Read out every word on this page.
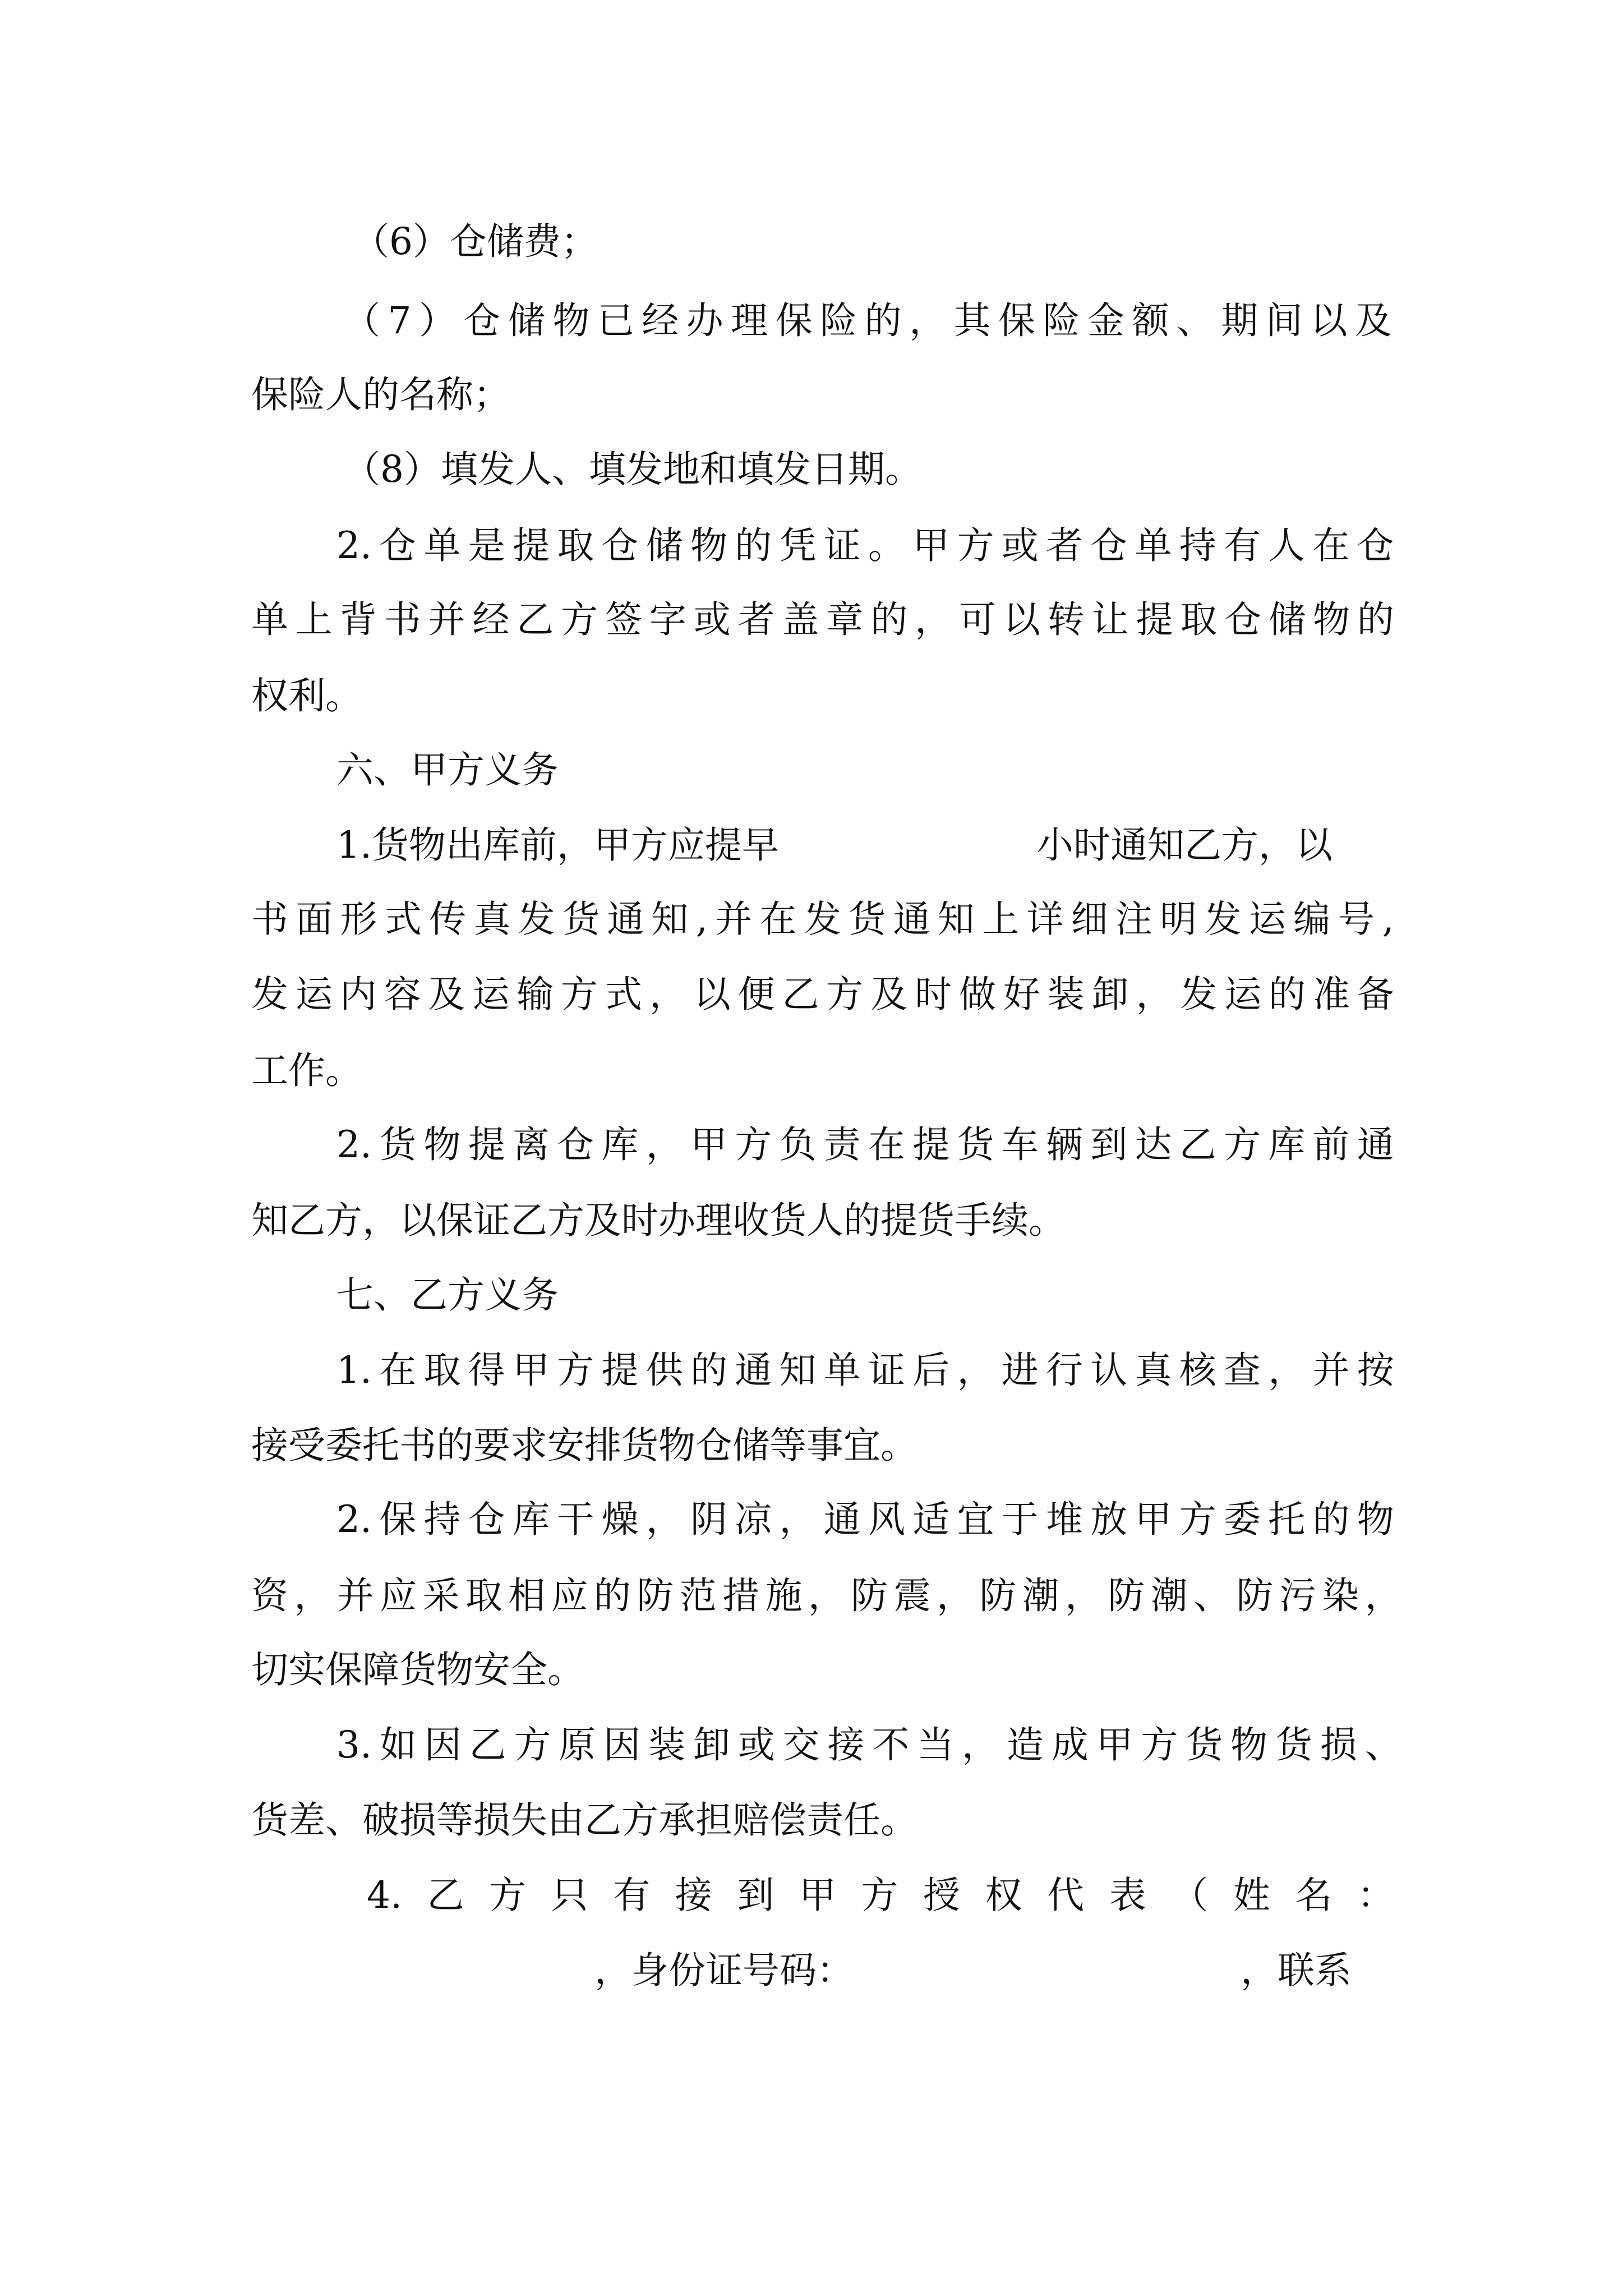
（6）仓储费；
（ 7 ） 仓 储 物 已 经 办 理 保 险 的 ， 其 保 险 金 额 、 期 间 以 及
保险人的名称；
（8）填发人、填发地和填发日期。
2. 仓 单 是 提 取 仓 储 物 的 凭 证 。 甲 方 或 者 仓 单 持 有 人 在 仓
单 上 背 书 并 经 乙 方 签 字 或 者 盖 章 的 ， 可 以 转 让 提 取 仓 储 物 的
权利。
六、甲方义务
1.货物出库前，甲方应提早	小时通知乙方，以
书 面 形 式 传 真 发 货 通 知 , 并 在 发 货 通 知 上 详 细 注 明 发 运 编 号 ,
发 运 内 容 及 运 输 方 式 ， 以 便 乙 方 及 时 做 好 装 卸 ， 发 运 的 准 备
工作。
2. 货 物 提 离 仓 库 ， 甲 方 负 责 在 提 货 车 辆 到 达 乙 方 库 前 通
知乙方，以保证乙方及时办理收货人的提货手续。
七、乙方义务
1. 在 取 得 甲 方 提 供 的 通 知 单 证 后 ， 进 行 认 真 核 查 ， 并 按
接受委托书的要求安排货物仓储等事宜。
2. 保 持 仓 库 干 燥 ， 阴 凉 ， 通 风 适 宜 于 堆 放 甲 方 委 托 的 物
资 ， 并 应 采 取 相 应 的 防 范 措 施 ， 防 震 ， 防 潮 ， 防 潮 、 防 污 染 ，
切实保障货物安全。
3. 如 因 乙 方 原 因 装 卸 或 交 接 不 当 ， 造 成 甲 方 货 物 货 损 、
货差、破损等损失由乙方承担赔偿责任。
4. 乙 方 只 有 接 到 甲 方 授 权 代 表 （ 姓 名 ：
，身份证号码：	，联系
